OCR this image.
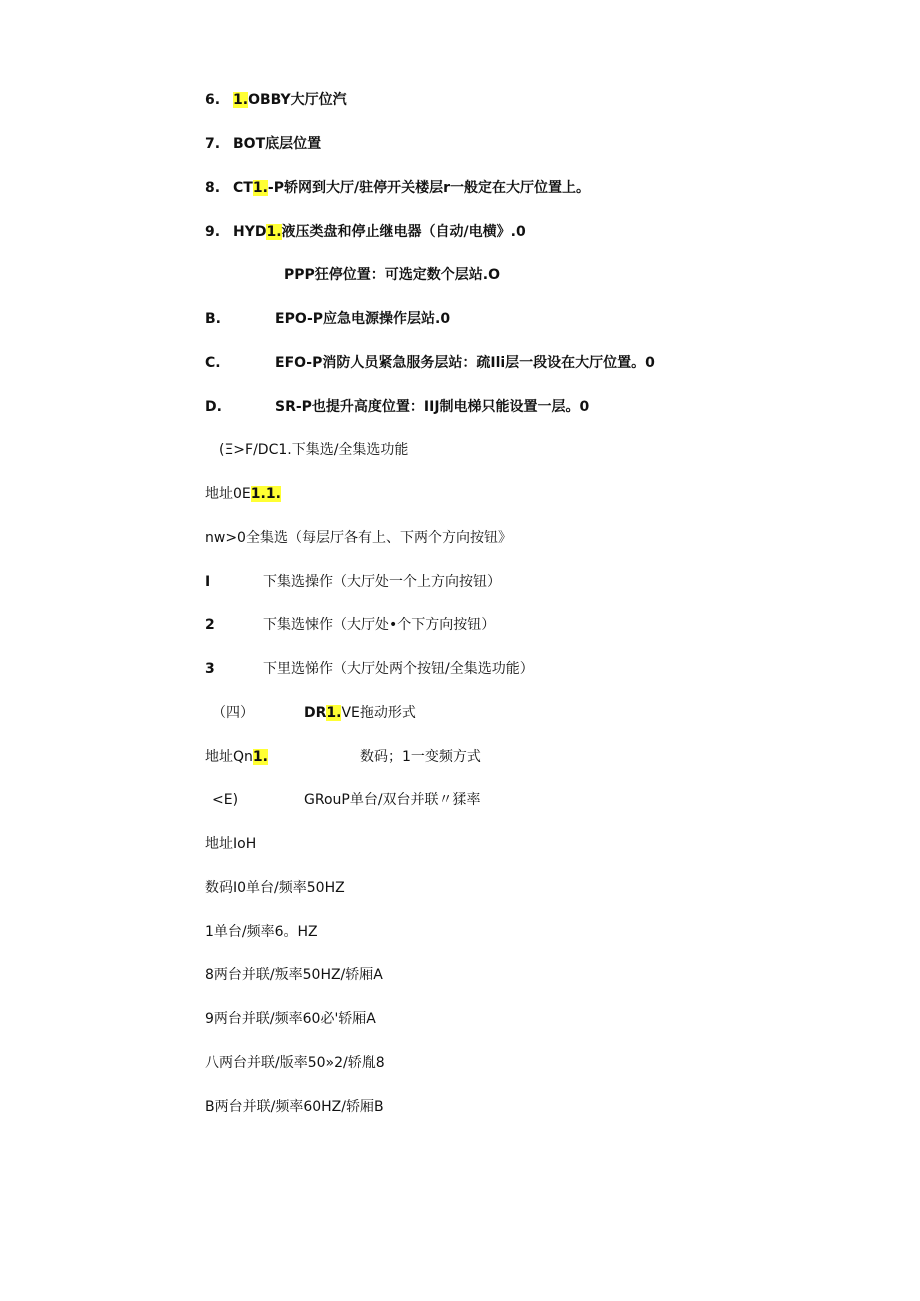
6. 1.OBBY大厅位汽
7. BOT底层位置
8. CT1.-P轿网到大厅/驻停开关楼层r一般定在大厅位置上。
9. HYD1.液压类盘和停止继电器（自动/电横》.0
PPP狂停位置：可选定数个层站.O
B.	EPO-P应急电源操作层站.0
C.	EFO-P消防人员紧急服务层站：疏Ili层一段设在大厅位置。0
D.	SR-P也提升高度位置：IIJ制电梯只能设置一层。0
(Ξ>F/DC1.下集选/全集选功能
地址0E1.1.
nw>0全集选（每层厅各有上、下两个方向按钮》
I	下集选操作（大厅处一个上方向按钮）
2	下集选悚作（大厅处•个下方向按钮）
3	下里选悌作（大厅处两个按钮/全集选功能）
（四）	DR1.VE拖动形式
地址Qn1.	数码；1一变频方式
<E)	GRouP单台/双台并联〃猱率
地址IoH
数码I0单台/频率50HZ
1单台/频率6。HZ
8两台并联/叛率50HZ/轿厢A
9两台并联/频率60必'轿厢A
八两台并联/版率50»2/轿胤8
B两台并联/频率60HZ/轿厢B
